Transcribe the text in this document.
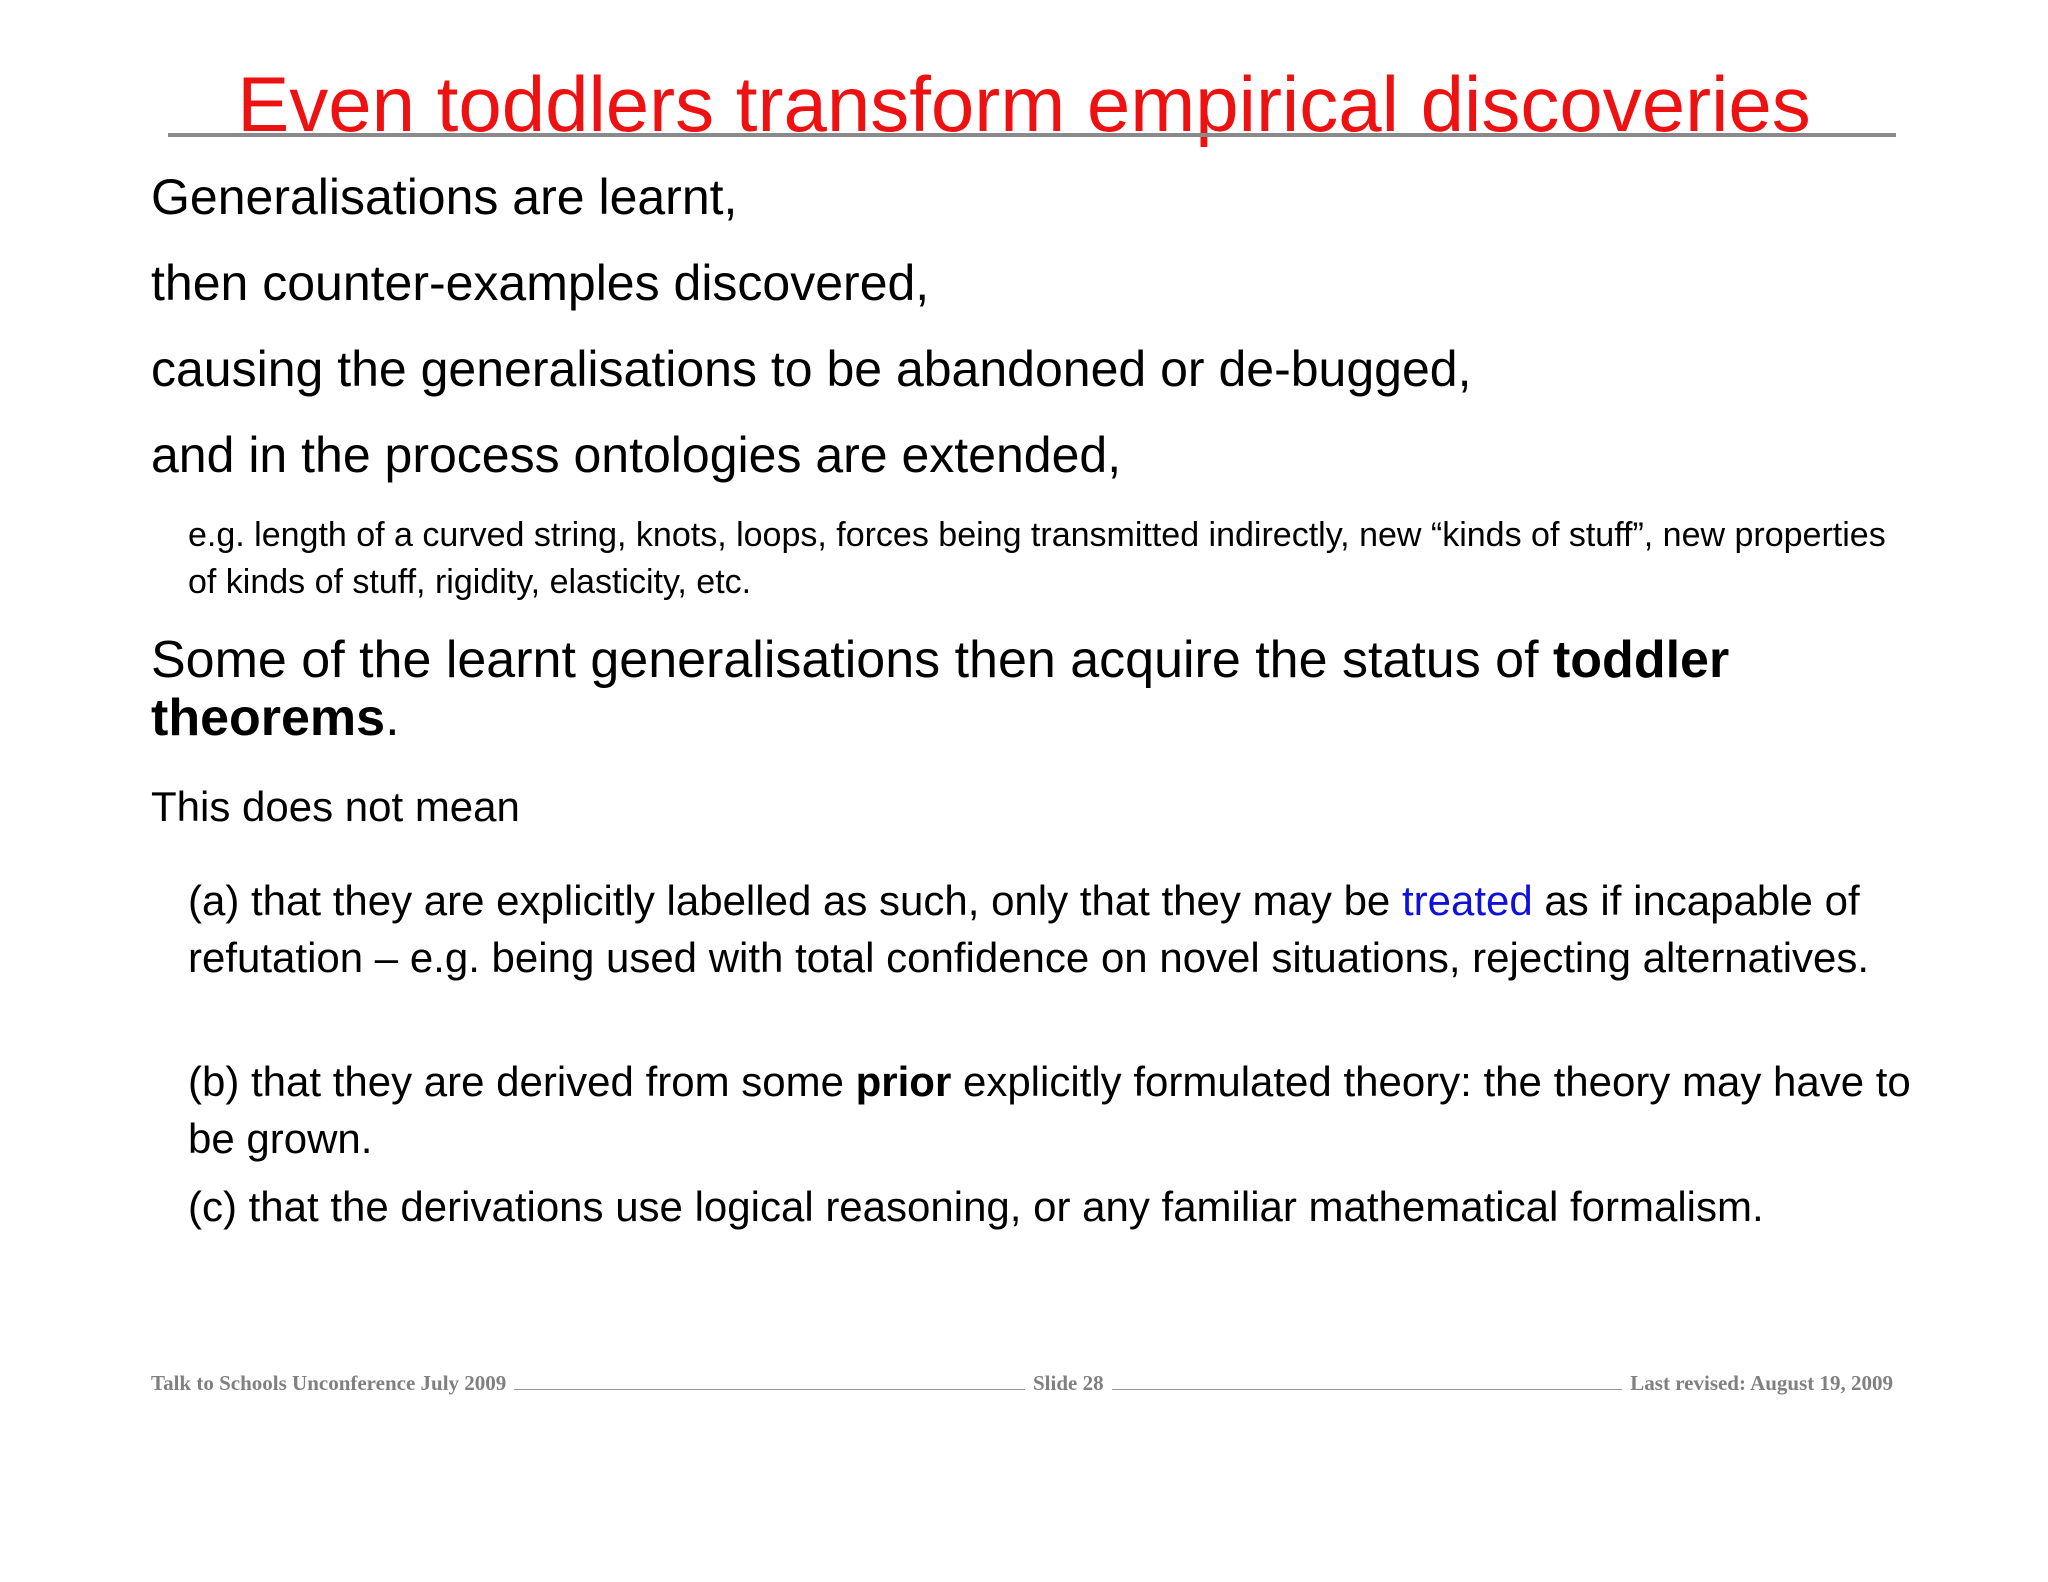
Even toddlers transform empirical discoveries

Generalisations are learnt,

then counter-examples discovered,

causing the generalisations to be abandoned or de-bugged,

and in the process ontologies are extended,

e.g. length of a curved string, knots, loops, forces being transmitted indirectly, new “kinds of stuff”, new properties of kinds of stuff, rigidity, elasticity, etc.

Some of the learnt generalisations then acquire the status of toddler theorems.

This does not mean

(a) that they are explicitly labelled as such, only that they may be treated as if incapable of refutation – e.g. being used with total confidence on novel situations, rejecting alternatives.

(b) that they are derived from some prior explicitly formulated theory: the theory may have to be grown.

(c) that the derivations use logical reasoning, or any familiar mathematical formalism.

Talk to Schools Unconference July 2009	Slide 28	Last revised: August 19, 2009
